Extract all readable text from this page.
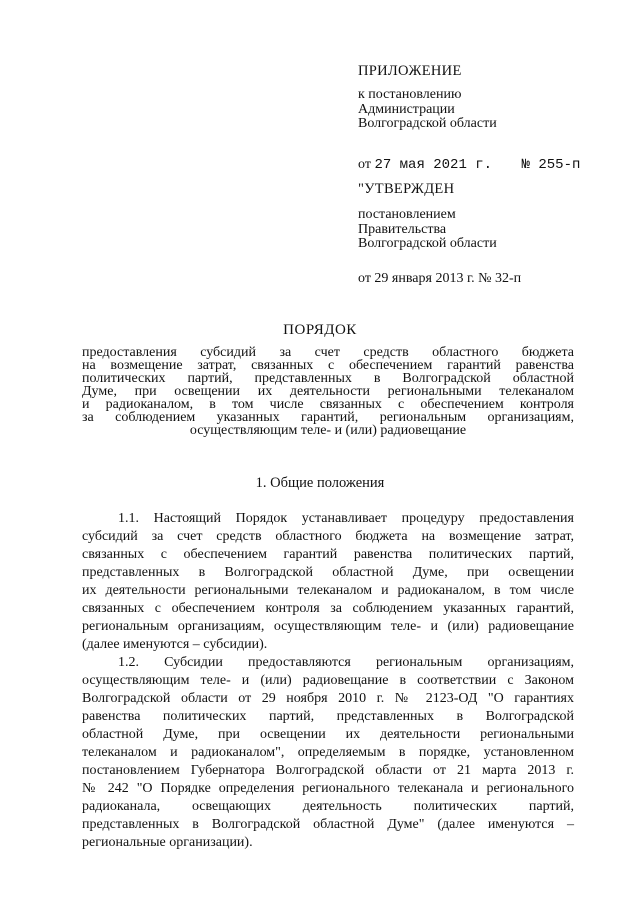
ПРИЛОЖЕНИЕ
к постановлению
Администрации
Волгоградской области
от 27 мая 2021 г. № 255-п
"УТВЕРЖДЕН
постановлением
Правительства
Волгоградской области
от 29 января 2013 г. № 32-п
ПОРЯДОК
предоставления субсидий за счет средств областного бюджета
на возмещение затрат, связанных с обеспечением гарантий равенства
политических партий, представленных в Волгоградской областной
Думе, при освещении их деятельности региональными телеканалом
и радиоканалом, в том числе связанных с обеспечением контроля
за соблюдением указанных гарантий, региональным организациям,
осуществляющим теле- и (или) радиовещание
1. Общие положения
1.1. Настоящий Порядок устанавливает процедуру предоставления
субсидий за счет средств областного бюджета на возмещение затрат,
связанных с обеспечением гарантий равенства политических партий,
представленных в Волгоградской областной Думе, при освещении
их деятельности региональными телеканалом и радиоканалом, в том числе
связанных с обеспечением контроля за соблюдением указанных гарантий,
региональным организациям, осуществляющим теле- и (или) радиовещание
(далее именуются – субсидии).
1.2. Субсидии предоставляются региональным организациям,
осуществляющим теле- и (или) радиовещание в соответствии с Законом
Волгоградской области от 29 ноября 2010 г. № 2123-ОД "О гарантиях
равенства политических партий, представленных в Волгоградской
областной Думе, при освещении их деятельности региональными
телеканалом и радиоканалом", определяемым в порядке, установленном
постановлением Губернатора Волгоградской области от 21 марта 2013 г.
№ 242 "О Порядке определения регионального телеканала и регионального
радиоканала, освещающих деятельность политических партий,
представленных в Волгоградской областной Думе" (далее именуются –
региональные организации).
